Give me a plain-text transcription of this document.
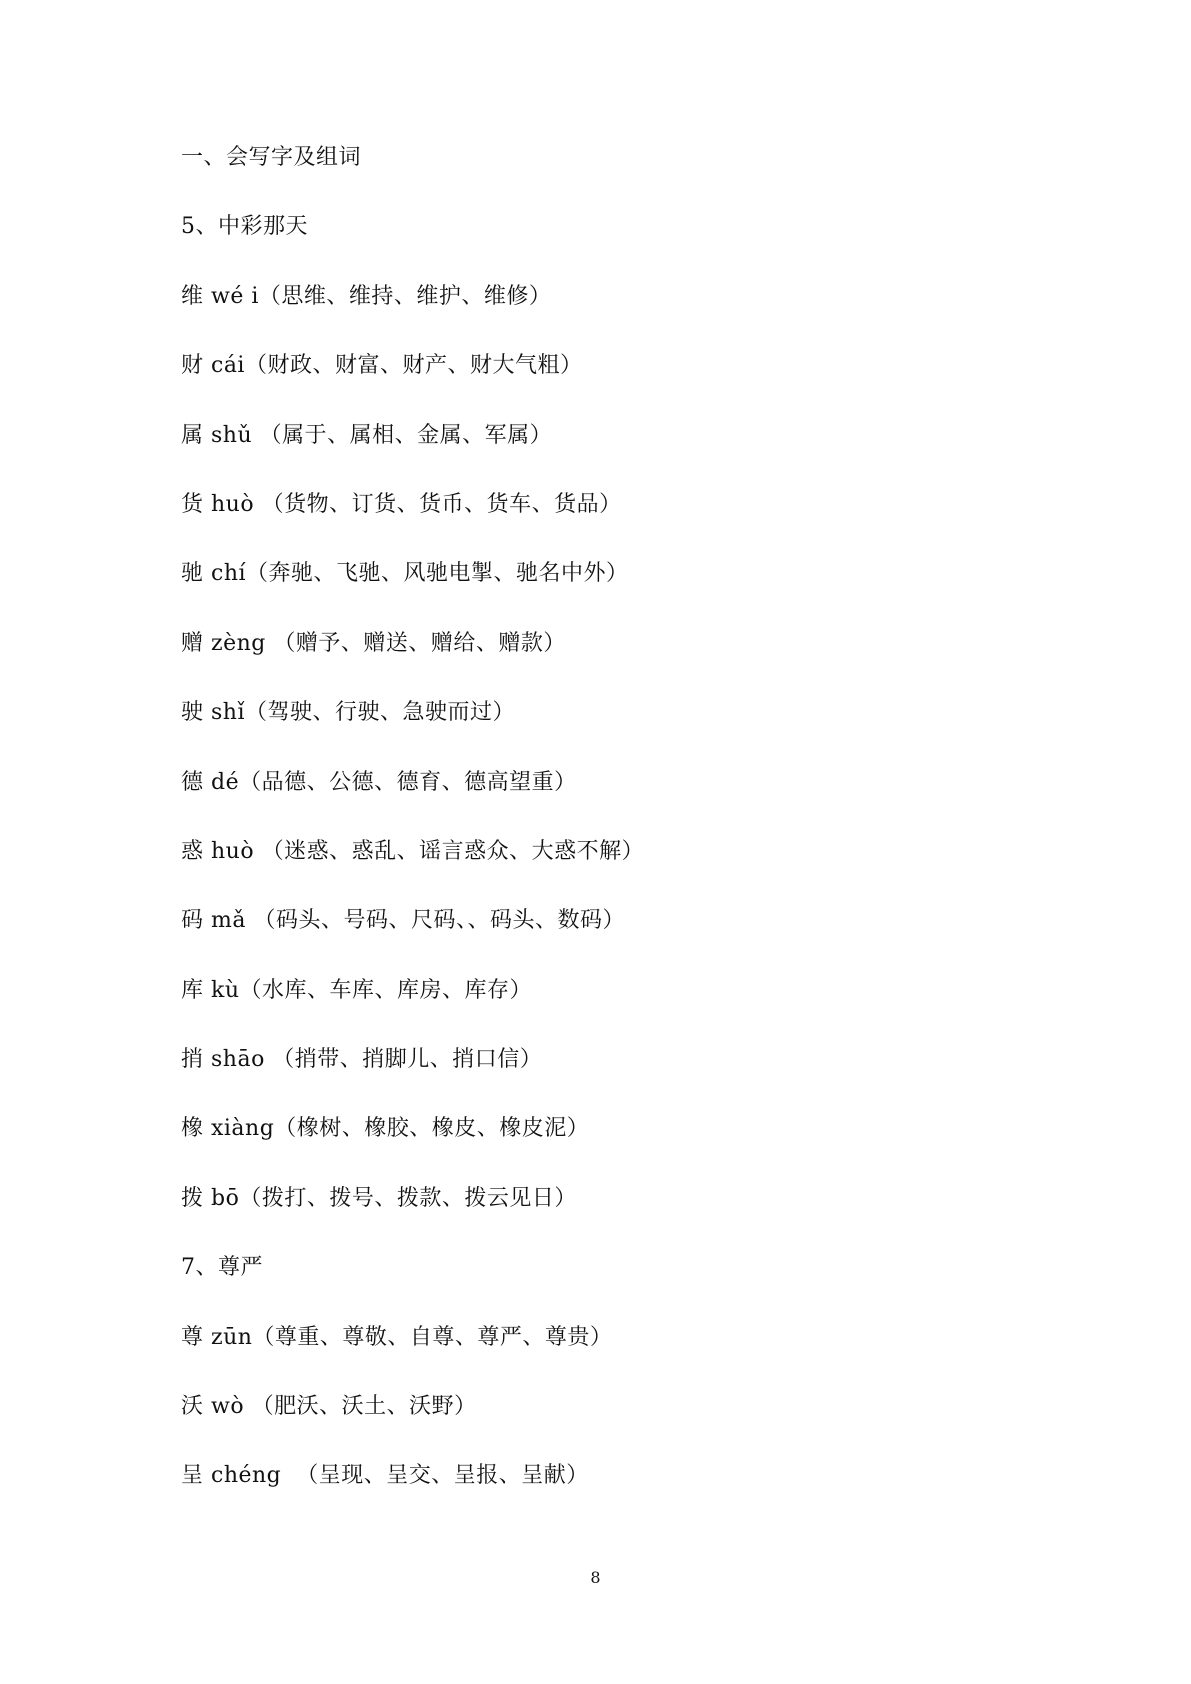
一、会写字及组词
5、中彩那天
维 wé i（思维、维持、维护、维修）
财 cái（财政、财富、财产、财大气粗）
属 shǔ （属于、属相、金属、军属）
货 huò （货物、订货、货币、货车、货品）
驰 chí（奔驰、飞驰、风驰电掣、驰名中外）
赠 zèng （赠予、赠送、赠给、赠款）
驶 shǐ（驾驶、行驶、急驶而过）
德 dé（品德、公德、德育、德高望重）
惑 huò （迷惑、惑乱、谣言惑众、大惑不解）
码 mǎ （码头、号码、尺码、、码头、数码）
库 kù（水库、车库、库房、库存）
捎 shāo （捎带、捎脚儿、捎口信）
橡 xiàng（橡树、橡胶、橡皮、橡皮泥）
拨 bō（拨打、拨号、拨款、拨云见日）
7、尊严
尊 zūn（尊重、尊敬、自尊、尊严、尊贵）
沃 wò （肥沃、沃土、沃野）
呈 chéng  （呈现、呈交、呈报、呈献）
8
